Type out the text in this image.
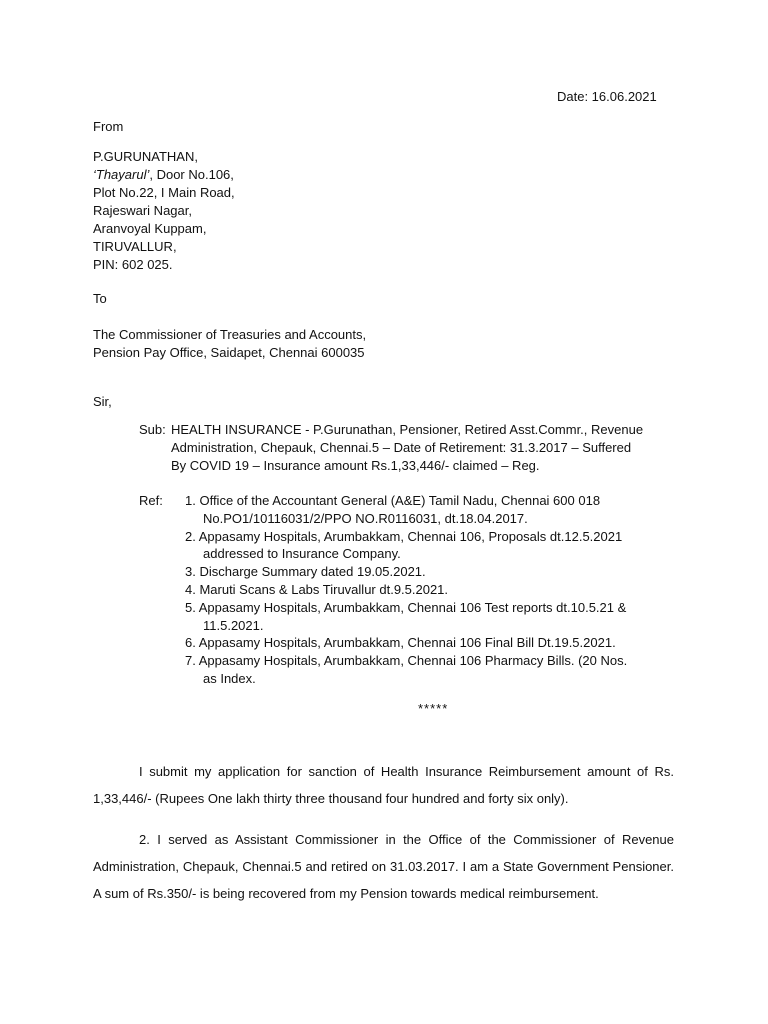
Date: 16.06.2021
From
P.GURUNATHAN,
‘Thayarul’, Door No.106,
Plot No.22, I Main Road,
Rajeswari Nagar,
Aranvoyal Kuppam,
TIRUVALLUR,
PIN: 602 025.
To
The Commissioner of Treasuries and Accounts,
Pension Pay Office, Saidapet, Chennai 600035
Sir,
Sub: HEALTH INSURANCE - P.Gurunathan, Pensioner, Retired Asst.Commr., Revenue
Administration, Chepauk, Chennai.5 – Date of Retirement: 31.3.2017 – Suffered
By COVID 19 – Insurance amount Rs.1,33,446/- claimed – Reg.
Ref: 1. Office of the Accountant General (A&E) Tamil Nadu, Chennai 600 018
No.PO1/10116031/2/PPO NO.R0116031, dt.18.04.2017.
2. Appasamy Hospitals, Arumbakkam, Chennai 106, Proposals dt.12.5.2021
addressed to Insurance Company.
3. Discharge Summary dated 19.05.2021.
4. Maruti Scans & Labs Tiruvallur dt.9.5.2021.
5. Appasamy Hospitals, Arumbakkam, Chennai 106 Test reports dt.10.5.21 &
11.5.2021.
6. Appasamy Hospitals, Arumbakkam, Chennai 106 Final Bill Dt.19.5.2021.
7. Appasamy Hospitals, Arumbakkam, Chennai 106 Pharmacy Bills. (20 Nos.
as Index.
*****
I submit my application for sanction of Health Insurance Reimbursement amount of Rs. 1,33,446/- (Rupees One lakh thirty three thousand four hundred and forty six only).
2. I served as Assistant Commissioner in the Office of the Commissioner of Revenue Administration, Chepauk, Chennai.5 and retired on 31.03.2017. I am a State Government Pensioner. A sum of Rs.350/- is being recovered from my Pension towards medical reimbursement.
